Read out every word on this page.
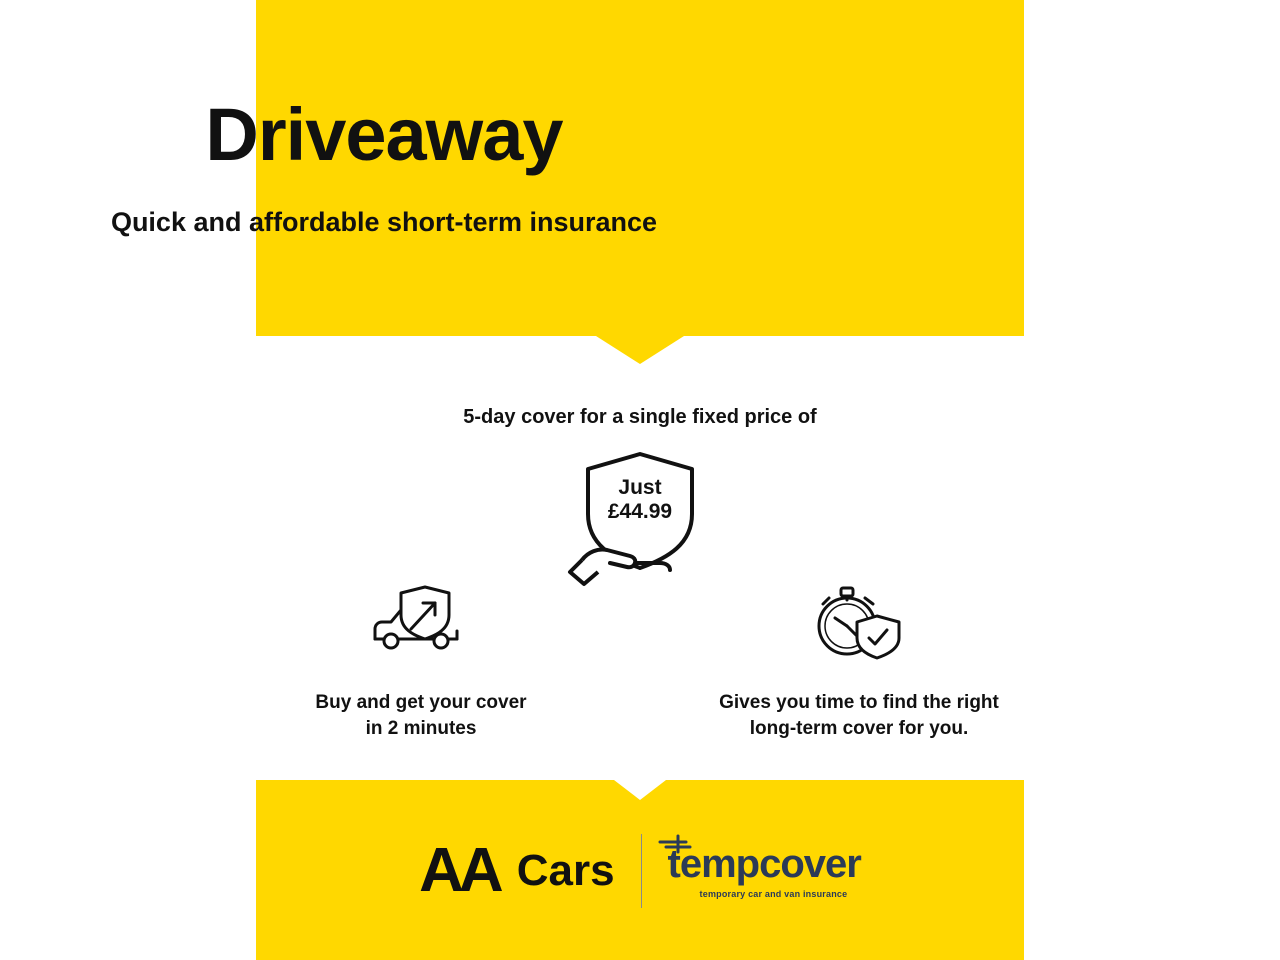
Driveaway
Quick and affordable short-term insurance
5-day cover for a single fixed price of
Just
£44.99
Buy and get your cover
in 2 minutes
Gives you time to find the right
long-term cover for you.
AA Cars tempcover
temporary car and van insurance
